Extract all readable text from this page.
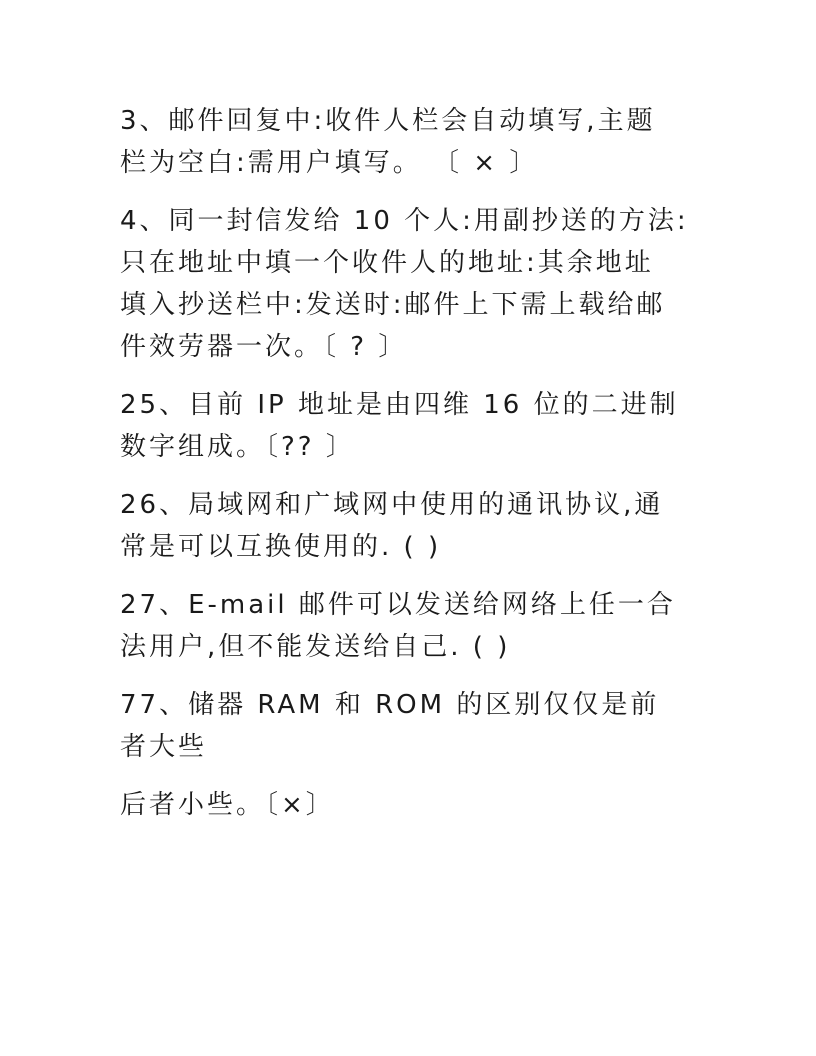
3、邮件回复中:收件人栏会自动填写,主题
栏为空白:需用户填写。 〔 × 〕
4、同一封信发给 10 个人:用副抄送的方法:
只在地址中填一个收件人的地址:其余地址
填入抄送栏中:发送时:邮件上下需上载给邮
件效劳器一次。〔 ? 〕
25、目前 IP 地址是由四维 16 位的二进制
数字组成。〔?? 〕
26、局域网和广域网中使用的通讯协议,通
常是可以互换使用的. ( )
27、E-mail 邮件可以发送给网络上任一合
法用户,但不能发送给自己. ( )
77、储器 RAM 和 ROM 的区别仅仅是前
者大些
后者小些。〔×〕
